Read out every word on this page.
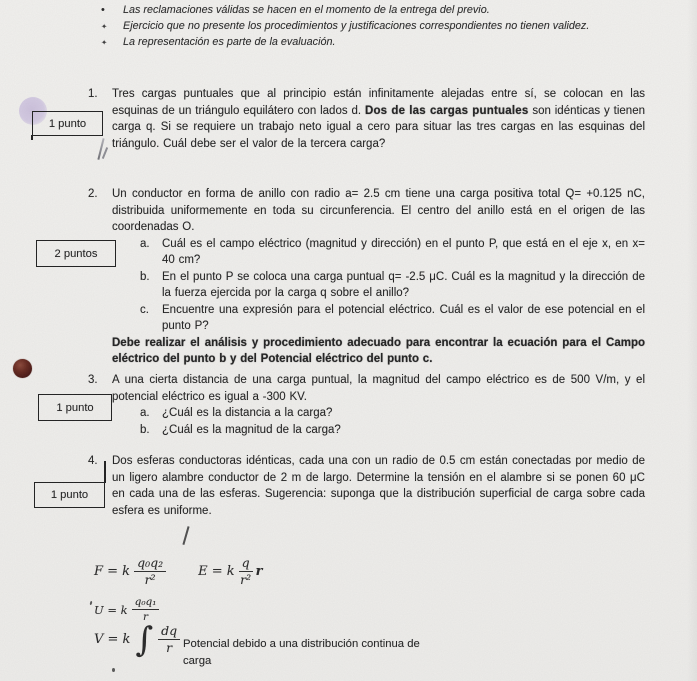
•	Las reclamaciones válidas se hacen en el momento de la entrega del previo.

✦	Ejercicio que no presente los procedimientos y justificaciones correspondientes no tienen validez.

✦	La representación es parte de la evaluación.

1 punto
2 puntos
1 punto
1 punto
1. Tres cargas puntuales que al principio están infinitamente alejadas entre sí, se colocan en las esquinas de un triángulo equilátero con lados d. Dos de las cargas puntuales son idénticas y tienen carga q. Si se requiere un trabajo neto igual a cero para situar las tres cargas en las esquinas del triángulo. Cuál debe ser el valor de la tercera carga?

2. Un conductor en forma de anillo con radio a= 2.5 cm tiene una carga positiva total Q= +0.125 nC, distribuida uniformemente en toda su circunferencia. El centro del anillo está en el origen de las coordenadas O.

a.	Cuál es el campo eléctrico (magnitud y dirección) en el punto P, que está en el eje x, en x= 40 cm?

b.	En el punto P se coloca una carga puntual q= -2.5 μC. Cuál es la magnitud y la dirección de la fuerza ejercida por la carga q sobre el anillo?

c.	Encuentre una expresión para el potencial eléctrico. Cuál es el valor de ese potencial en el punto P?

Debe realizar el análisis y procedimiento adecuado para encontrar la ecuación para el Campo eléctrico del punto b y del Potencial eléctrico del punto c.

3. A una cierta distancia de una carga puntual, la magnitud del campo eléctrico es de 500 V/m, y el potencial eléctrico es igual a -300 KV.

a.	¿Cuál es la distancia a la carga?

b.	¿Cuál es la magnitud de la carga?

4. Dos esferas conductoras idénticas, cada una con un radio de 0.5 cm están conectadas por medio de un ligero alambre conductor de 2 m de largo. Determine la tensión en el alambre si se ponen 60 μC en cada una de las esferas. Sugerencia: suponga que la distribución superficial de carga sobre cada esfera es uniforme.

F = k $\frac{\text{q₀q₂}}{\text{r²}}$ E = k $\frac{q}{\text{r²}}$ r
U = k $\frac{\text{q₀q₁}}{r}$
V = k ∫ $\frac{dq}{r}$ Potencial debido a una distribución continua de carga
